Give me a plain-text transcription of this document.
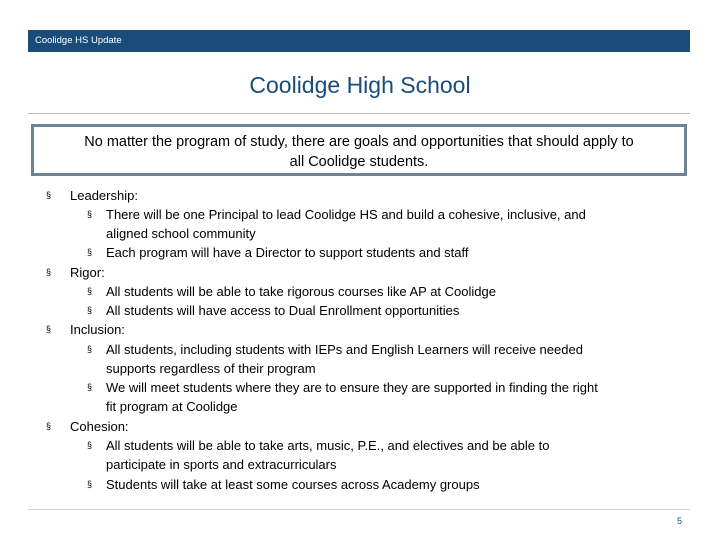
Coolidge HS Update
Coolidge High School
No matter the program of study, there are goals and opportunities that should apply to
all Coolidge students.
§ Leadership:
§ There will be one Principal to lead Coolidge HS and build a cohesive, inclusive, and
aligned school community
§ Each program will have a Director to support students and staff
§ Rigor:
§ All students will be able to take rigorous courses like AP at Coolidge
§ All students will have access to Dual Enrollment opportunities
§ Inclusion:
§ All students, including students with IEPs and English Learners will receive needed
supports regardless of their program
§ We will meet students where they are to ensure they are supported in finding the right
fit program at Coolidge
§ Cohesion:
§ All students will be able to take arts, music, P.E., and electives and be able to
participate in sports and extracurriculars
§ Students will take at least some courses across Academy groups
5
